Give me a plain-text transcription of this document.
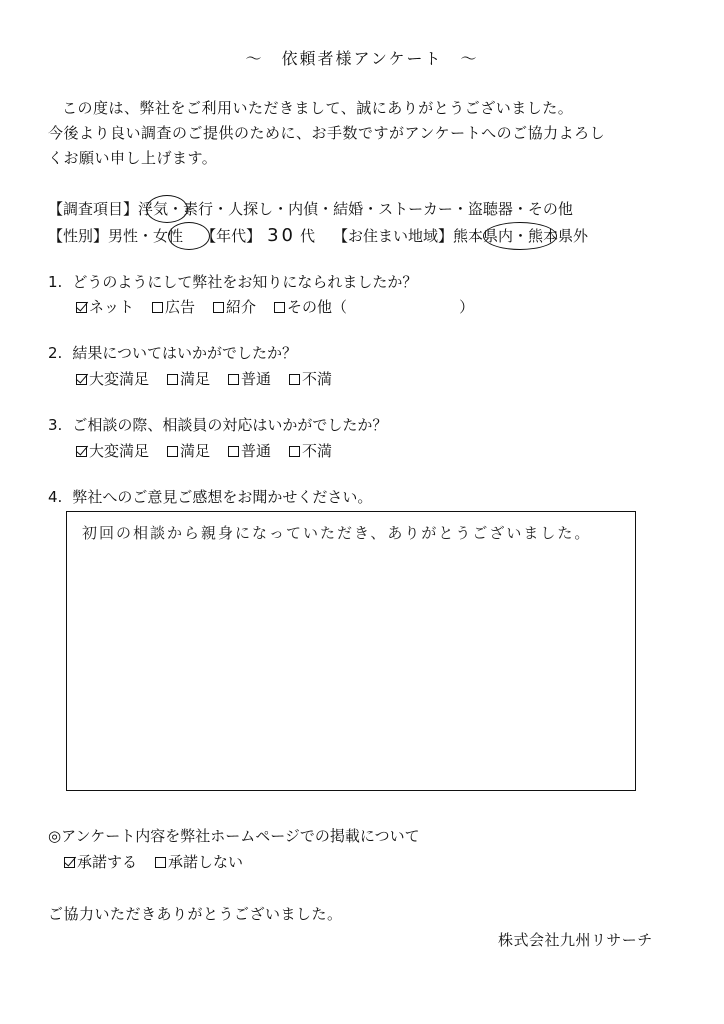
～　依頼者様アンケート　～
この度は、弊社をご利用いただきまして、誠にありがとうございました。
今後より良い調査のご提供のために、お手数ですがアンケートへのご協力よろし
くお願い申し上げます。
【調査項目】浮気・素行・人探し・内偵・結婚・ストーカー・盗聴器・その他
【性別】男性・女性 【年代】 30 代 【お住まい地域】熊本県内・熊本県外
1. どうのようにして弊社をお知りになられましたか？
ネット 広告 紹介 その他（	）
2. 結果についてはいかがでしたか？
大変満足 満足 普通 不満
3. ご相談の際、相談員の対応はいかがでしたか？
大変満足 満足 普通 不満
4. 弊社へのご意見ご感想をお聞かせください。
初回の相談から親身になっていただき、ありがとうございました。
◎アンケート内容を弊社ホームページでの掲載について
承諾する 承諾しない
ご協力いただきありがとうございました。
株式会社九州リサーチ
